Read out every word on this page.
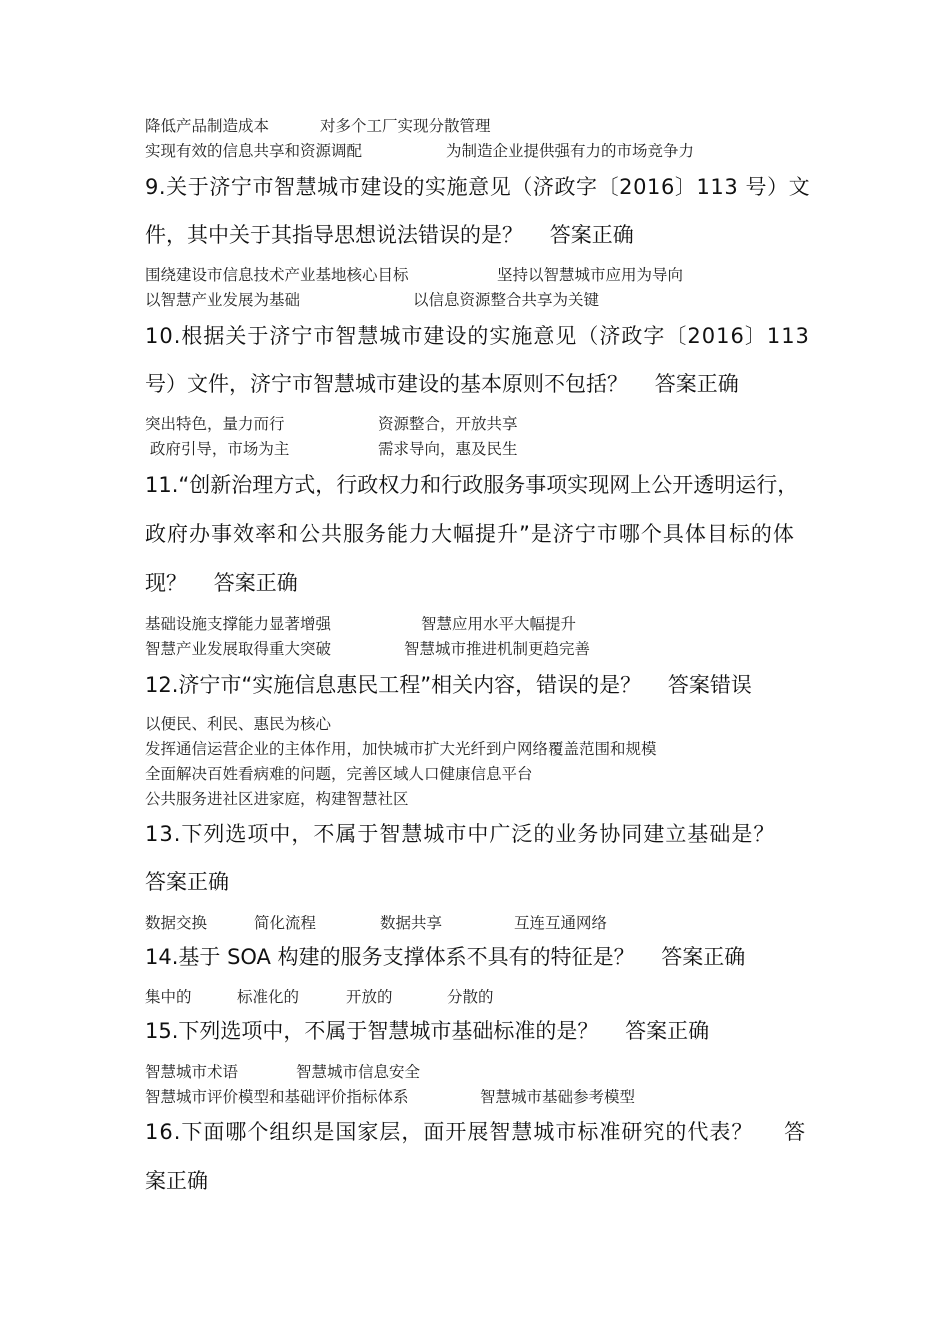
降低产品制造成本	对多个工厂实现分散管理
实现有效的信息共享和资源调配	为制造企业提供强有力的市场竞争力
9.关于济宁市智慧城市建设的实施意见（济政字〔2016〕113 号）文
件，其中关于其指导思想说法错误的是？    答案正确
围绕建设市信息技术产业基地核心目标	坚持以智慧城市应用为导向
以智慧产业发展为基础	以信息资源整合共享为关键
10.根据关于济宁市智慧城市建设的实施意见（济政字〔2016〕113
号）文件，济宁市智慧城市建设的基本原则不包括？    答案正确
突出特色，量力而行	资源整合，开放共享
政府引导，市场为主	需求导向，惠及民生
11.“创新治理方式，行政权力和行政服务事项实现网上公开透明运行，
政府办事效率和公共服务能力大幅提升”是济宁市哪个具体目标的体
现？    答案正确
基础设施支撑能力显著增强	智慧应用水平大幅提升
智慧产业发展取得重大突破	智慧城市推进机制更趋完善
12.济宁市“实施信息惠民工程”相关内容，错误的是？    答案错误
以便民、利民、惠民为核心
发挥通信运营企业的主体作用，加快城市扩大光纤到户网络覆盖范围和规模
全面解决百姓看病难的问题，完善区域人口健康信息平台
公共服务进社区进家庭，构建智慧社区
13.下列选项中，不属于智慧城市中广泛的业务协同建立基础是？
答案正确
数据交换	简化流程	数据共享	互连互通网络
14.基于 SOA 构建的服务支撑体系不具有的特征是？    答案正确
集中的	标准化的	开放的	分散的
15.下列选项中，不属于智慧城市基础标准的是？    答案正确
智慧城市术语	智慧城市信息安全
智慧城市评价模型和基础评价指标体系	智慧城市基础参考模型
16.下面哪个组织是国家层，面开展智慧城市标准研究的代表？    答
案正确
